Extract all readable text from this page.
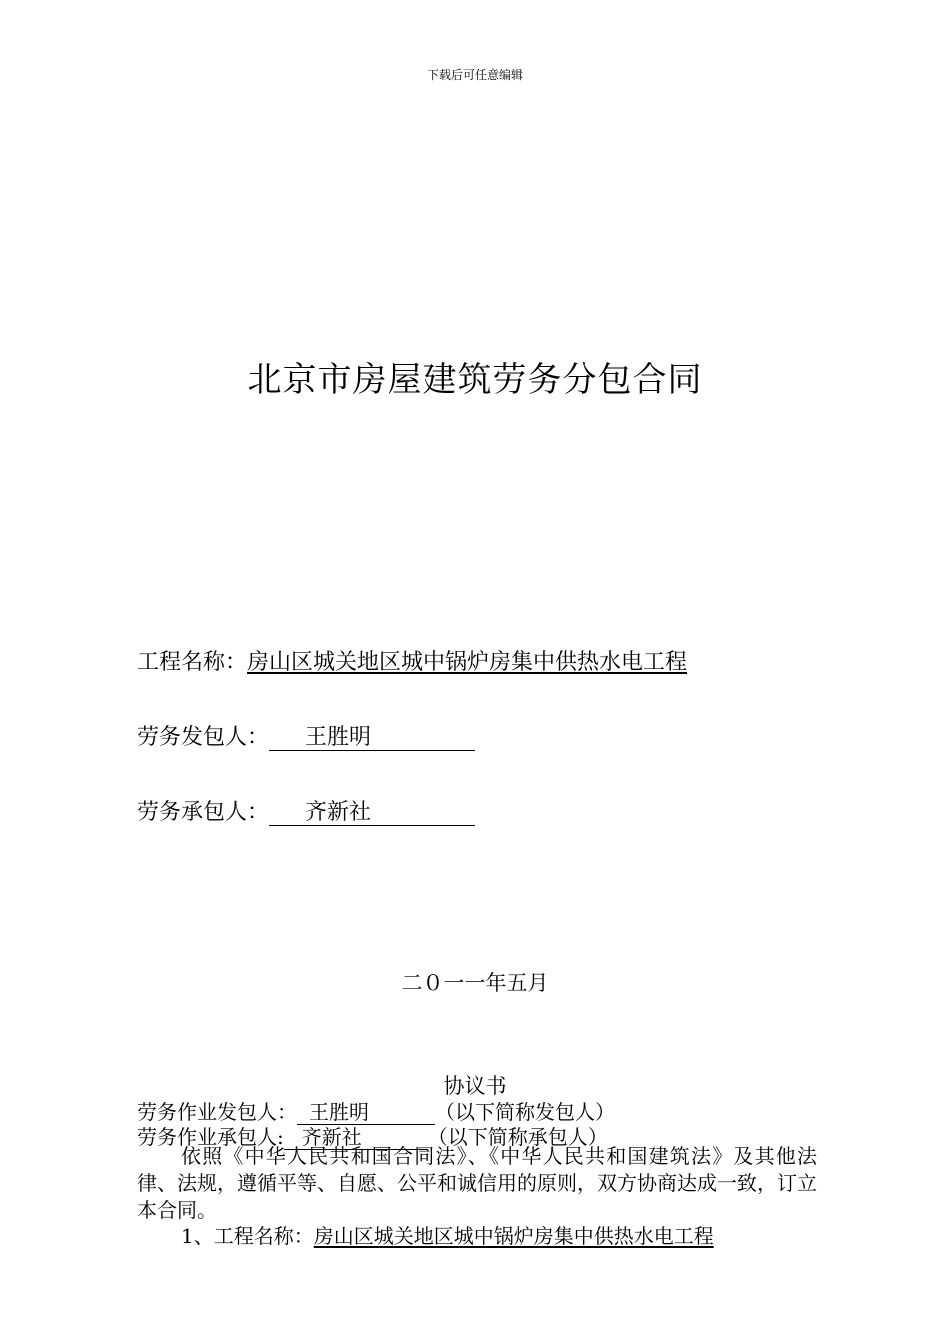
下载后可任意编辑
北京市房屋建筑劳务分包合同
工程名称：房山区城关地区城中锅炉房集中供热水电工程
劳务发包人： 王胜明
劳务承包人： 齐新社
二０一一年五月
协议书
劳务作业发包人： 王胜明	（以下简称发包人）
劳务作业承包人: 齐新社	（以下简称承包人）
依照《中华人民共和国合同法》、《中华人民共和国建筑法》及其他法律、法规，遵循平等、自愿、公平和诚信用的原则，双方协商达成一致，订立本合同。
1、工程名称：房山区城关地区城中锅炉房集中供热水电工程
